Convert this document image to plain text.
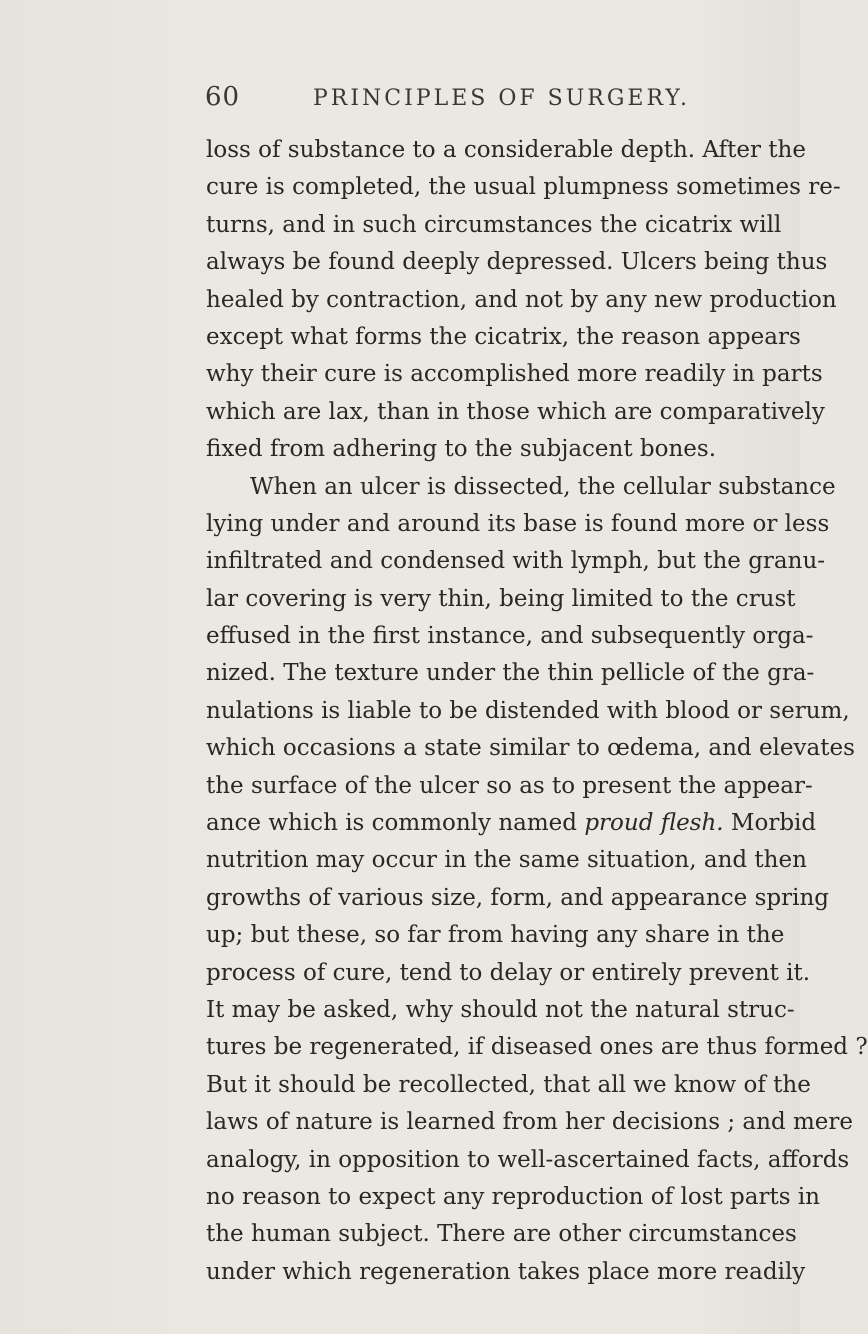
60	PRINCIPLES OF SURGERY.
loss of substance to a considerable depth. After the
cure is completed, the usual plumpness sometimes re-
turns, and in such circumstances the cicatrix will
always be found deeply depressed. Ulcers being thus
healed by contraction, and not by any new production
except what forms the cicatrix, the reason appears
why their cure is accomplished more readily in parts
which are lax, than in those which are comparatively
fixed from adhering to the subjacent bones.
When an ulcer is dissected, the cellular substance
lying under and around its base is found more or less
infiltrated and condensed with lymph, but the granu-
lar covering is very thin, being limited to the crust
effused in the first instance, and subsequently orga-
nized. The texture under the thin pellicle of the gra-
nulations is liable to be distended with blood or serum,
which occasions a state similar to œdema, and elevates
the surface of the ulcer so as to present the appear-
ance which is commonly named proud flesh. Morbid
nutrition may occur in the same situation, and then
growths of various size, form, and appearance spring
up; but these, so far from having any share in the
process of cure, tend to delay or entirely prevent it.
It may be asked, why should not the natural struc-
tures be regenerated, if diseased ones are thus formed ?
But it should be recollected, that all we know of the
laws of nature is learned from her decisions ; and mere
analogy, in opposition to well-ascertained facts, affords
no reason to expect any reproduction of lost parts in
the human subject. There are other circumstances
under which regeneration takes place more readily
